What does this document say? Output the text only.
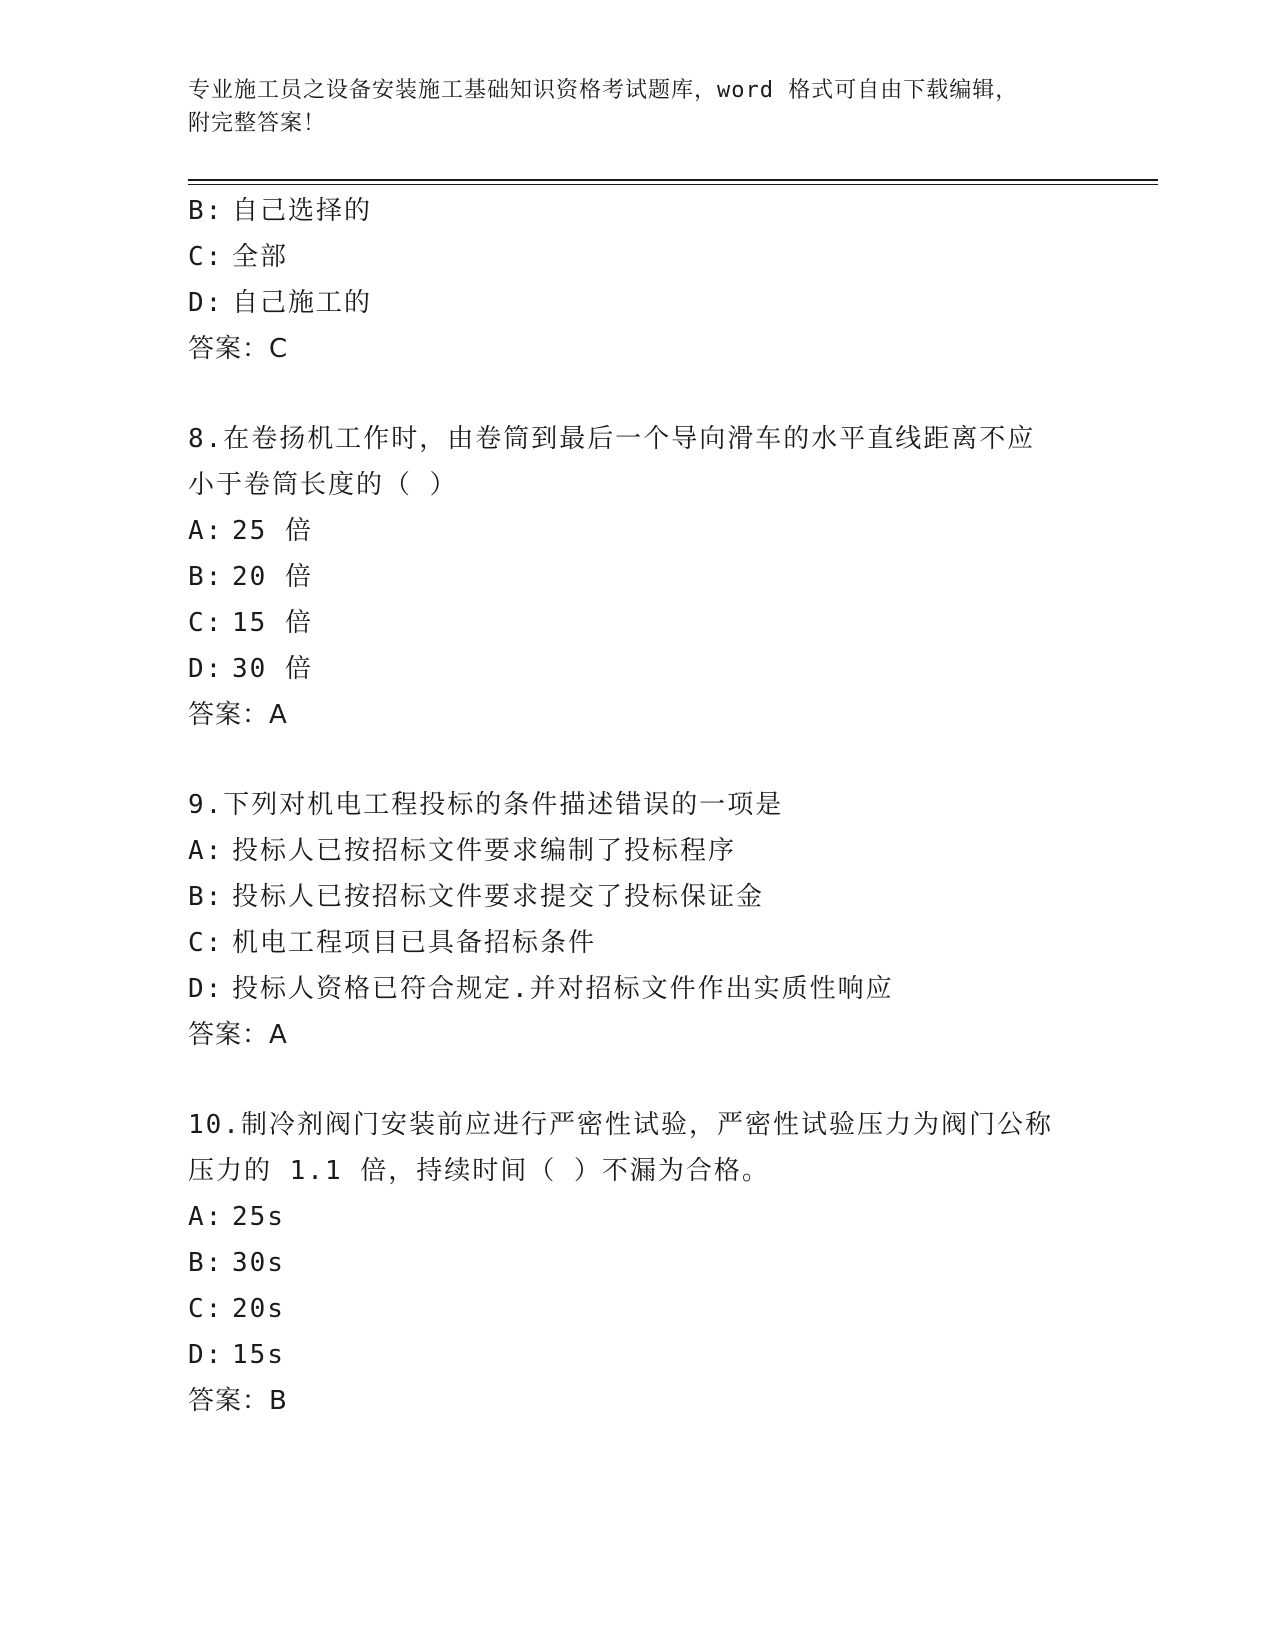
专业施工员之设备安装施工基础知识资格考试题库，word 格式可自由下载编辑，
附完整答案！
B: 自己选择的
C: 全部
D: 自己施工的
答案：C
8.在卷扬机工作时，由卷筒到最后一个导向滑车的水平直线距离不应
小于卷筒长度的（ ）
A: 25 倍
B: 20 倍
C: 15 倍
D: 30 倍
答案：A
9.下列对机电工程投标的条件描述错误的一项是
A: 投标人已按招标文件要求编制了投标程序
B: 投标人已按招标文件要求提交了投标保证金
C: 机电工程项目已具备招标条件
D: 投标人资格已符合规定.并对招标文件作出实质性响应
答案：A
10.制冷剂阀门安装前应进行严密性试验，严密性试验压力为阀门公称
压力的 1.1 倍，持续时间（ ）不漏为合格。
A: 25s
B: 30s
C: 20s
D: 15s
答案：B
